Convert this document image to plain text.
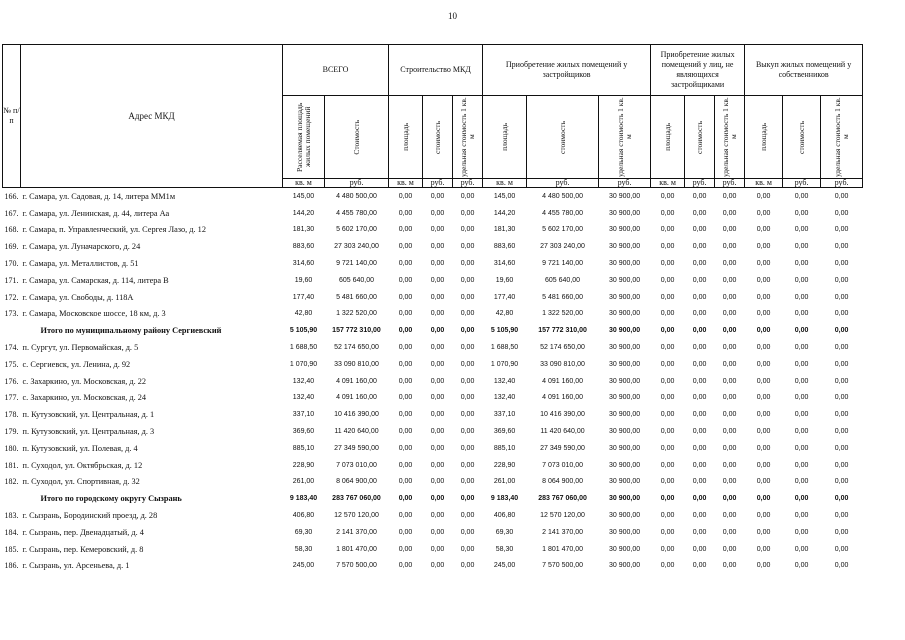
10
№ п/п	Адрес МКД	ВСЕГО		Строительство МКД			Приобретение жилых помещений у застройщиков			Приобретение жилых помещений у лиц, не являющихся застройщиками			Выкуп жилых помещений у собственников		

		Расселяемая площадь жилых помещений	Стоимость	площадь	стоимость	удельная стоимость 1 кв. м	площадь	стоимость	удельная стоимость 1 кв. м	площадь	стоимость	удельная стоимость 1 кв. м	площадь	стоимость	удельная стоимость 1 кв. м

		кв. м	руб.	кв. м	руб.	руб.	кв. м	руб.	руб.	кв. м	руб.	руб.	кв. м	руб.	руб.
166.	г. Самара, ул. Садовая, д. 14, литера ММ1м	145,00	4 480 500,00	0,00	0,00	0,00	145,00	4 480 500,00	30 900,00	0,00	0,00	0,00	0,00	0,00	0,00
167.	г. Самара, ул. Ленинская, д. 44, литера Аа	144,20	4 455 780,00	0,00	0,00	0,00	144,20	4 455 780,00	30 900,00	0,00	0,00	0,00	0,00	0,00	0,00
168.	г. Самара, п. Управленческий, ул. Сергея Лазо, д. 12	181,30	5 602 170,00	0,00	0,00	0,00	181,30	5 602 170,00	30 900,00	0,00	0,00	0,00	0,00	0,00	0,00
169.	г. Самара, ул. Луначарского, д. 24	883,60	27 303 240,00	0,00	0,00	0,00	883,60	27 303 240,00	30 900,00	0,00	0,00	0,00	0,00	0,00	0,00
170.	г. Самара, ул. Металлистов, д. 51	314,60	9 721 140,00	0,00	0,00	0,00	314,60	9 721 140,00	30 900,00	0,00	0,00	0,00	0,00	0,00	0,00
171.	г. Самара, ул. Самарская, д. 114, литера В	19,60	605 640,00	0,00	0,00	0,00	19,60	605 640,00	30 900,00	0,00	0,00	0,00	0,00	0,00	0,00
172.	г. Самара, ул. Свободы, д. 118А	177,40	5 481 660,00	0,00	0,00	0,00	177,40	5 481 660,00	30 900,00	0,00	0,00	0,00	0,00	0,00	0,00
173.	г. Самара, Московское шоссе, 18 км, д. 3	42,80	1 322 520,00	0,00	0,00	0,00	42,80	1 322 520,00	30 900,00	0,00	0,00	0,00	0,00	0,00	0,00
	Итого по муниципальному району Сергиевский	5 105,90	157 772 310,00	0,00	0,00	0,00	5 105,90	157 772 310,00	30 900,00	0,00	0,00	0,00	0,00	0,00	0,00
174.	п. Сургут, ул. Первомайская, д. 5	1 688,50	52 174 650,00	0,00	0,00	0,00	1 688,50	52 174 650,00	30 900,00	0,00	0,00	0,00	0,00	0,00	0,00
175.	с. Сергиевск, ул. Ленина, д. 92	1 070,90	33 090 810,00	0,00	0,00	0,00	1 070,90	33 090 810,00	30 900,00	0,00	0,00	0,00	0,00	0,00	0,00
176.	с. Захаркино, ул. Московская, д. 22	132,40	4 091 160,00	0,00	0,00	0,00	132,40	4 091 160,00	30 900,00	0,00	0,00	0,00	0,00	0,00	0,00
177.	с. Захаркино, ул. Московская, д. 24	132,40	4 091 160,00	0,00	0,00	0,00	132,40	4 091 160,00	30 900,00	0,00	0,00	0,00	0,00	0,00	0,00
178.	п. Кутузовский, ул. Центральная, д. 1	337,10	10 416 390,00	0,00	0,00	0,00	337,10	10 416 390,00	30 900,00	0,00	0,00	0,00	0,00	0,00	0,00
179.	п. Кутузовский, ул. Центральная, д. 3	369,60	11 420 640,00	0,00	0,00	0,00	369,60	11 420 640,00	30 900,00	0,00	0,00	0,00	0,00	0,00	0,00
180.	п. Кутузовский, ул. Полевая, д. 4	885,10	27 349 590,00	0,00	0,00	0,00	885,10	27 349 590,00	30 900,00	0,00	0,00	0,00	0,00	0,00	0,00
181.	п. Суходол, ул. Октябрьская, д. 12	228,90	7 073 010,00	0,00	0,00	0,00	228,90	7 073 010,00	30 900,00	0,00	0,00	0,00	0,00	0,00	0,00
182.	п. Суходол, ул. Спортивная, д. 32	261,00	8 064 900,00	0,00	0,00	0,00	261,00	8 064 900,00	30 900,00	0,00	0,00	0,00	0,00	0,00	0,00
	Итого по городскому округу Сызрань	9 183,40	283 767 060,00	0,00	0,00	0,00	9 183,40	283 767 060,00	30 900,00	0,00	0,00	0,00	0,00	0,00	0,00
183.	г. Сызрань, Бородинский проезд, д. 28	406,80	12 570 120,00	0,00	0,00	0,00	406,80	12 570 120,00	30 900,00	0,00	0,00	0,00	0,00	0,00	0,00
184.	г. Сызрань, пер. Двенадцатый, д. 4	69,30	2 141 370,00	0,00	0,00	0,00	69,30	2 141 370,00	30 900,00	0,00	0,00	0,00	0,00	0,00	0,00
185.	г. Сызрань, пер. Кемеровский, д. 8	58,30	1 801 470,00	0,00	0,00	0,00	58,30	1 801 470,00	30 900,00	0,00	0,00	0,00	0,00	0,00	0,00
186.	г. Сызрань, ул. Арсеньева, д. 1	245,00	7 570 500,00	0,00	0,00	0,00	245,00	7 570 500,00	30 900,00	0,00	0,00	0,00	0,00	0,00	0,00
